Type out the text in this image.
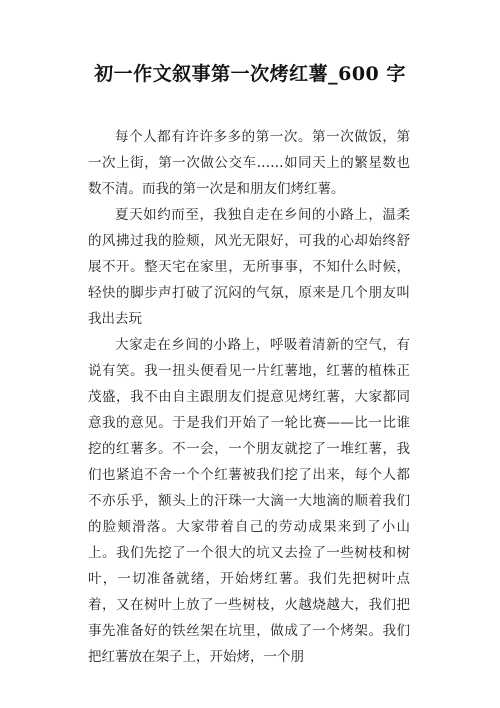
初一作文叙事第一次烤红薯_600 字

每个人都有许许多多的第一次。第一次做饭，第一次上街，第一次做公交车……如同天上的繁星数也数不清。而我的第一次是和朋友们烤红薯。

夏天如约而至，我独自走在乡间的小路上，温柔的风拂过我的脸颊，风光无限好，可我的心却始终舒展不开。整天宅在家里，无所事事，不知什么时候，轻快的脚步声打破了沉闷的气氛，原来是几个朋友叫我出去玩

大家走在乡间的小路上，呼吸着清新的空气，有说有笑。我一扭头便看见一片红薯地，红薯的植株正茂盛，我不由自主跟朋友们提意见烤红薯，大家都同意我的意见。于是我们开始了一轮比赛——比一比谁挖的红薯多。不一会，一个朋友就挖了一堆红薯，我们也紧追不舍一个个红薯被我们挖了出来，每个人都不亦乐乎，额头上的汗珠一大滴一大地滴的顺着我们的脸颊滑落。大家带着自己的劳动成果来到了小山上。我们先挖了一个很大的坑又去捡了一些树枝和树叶，一切准备就绪，开始烤红薯。我们先把树叶点着，又在树叶上放了一些树枝，火越烧越大，我们把事先准备好的铁丝架在坑里，做成了一个烤架。我们把红薯放在架子上，开始烤，一个朋
